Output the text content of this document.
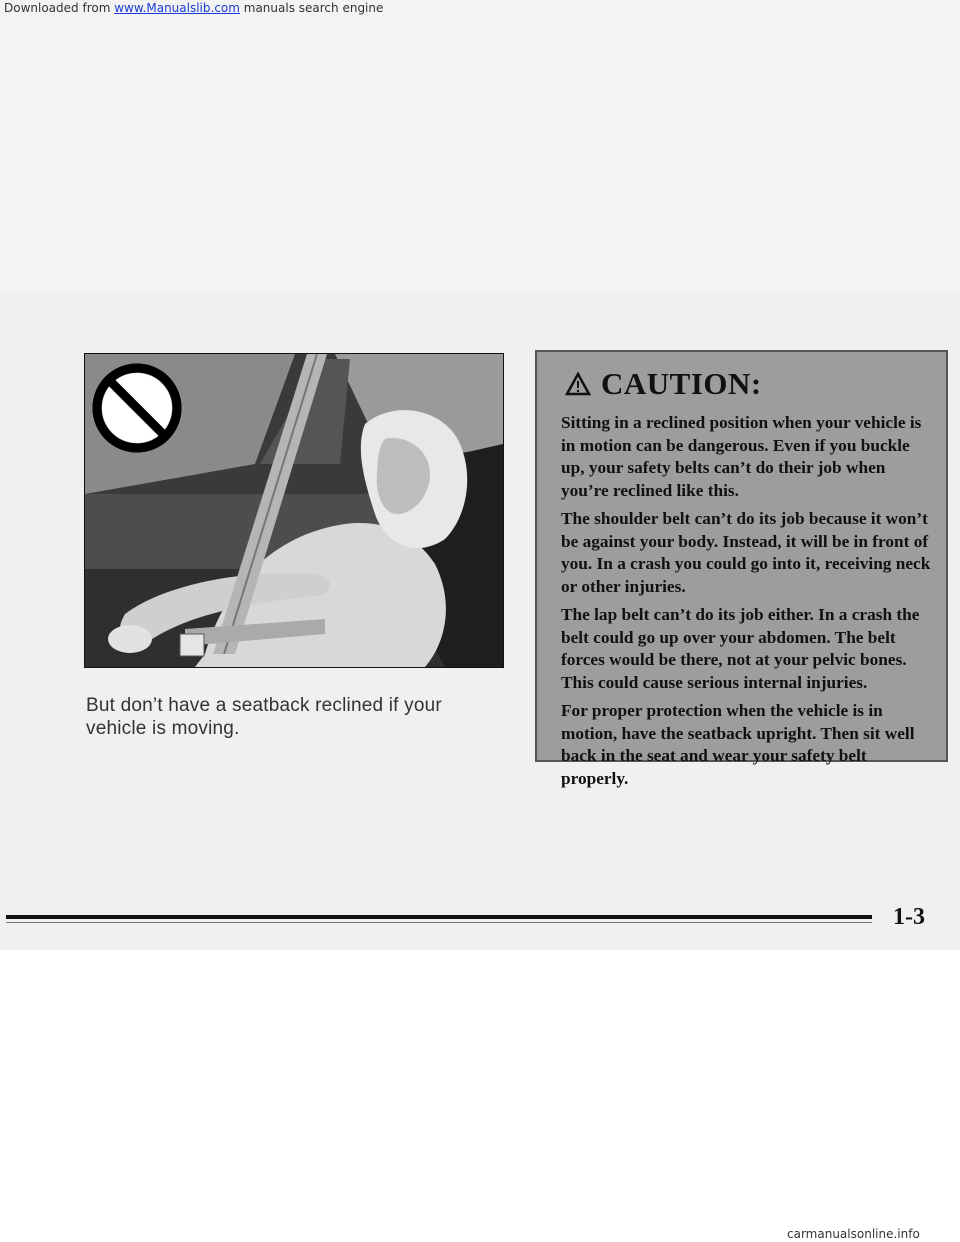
Downloaded from www.Manualslib.com manuals search engine
But don’t have a seatback reclined if your vehicle is moving.
CAUTION:

Sitting in a reclined position when your vehicle is in motion can be dangerous. Even if you buckle up, your safety belts can’t do their job when you’re reclined like this.

The shoulder belt can’t do its job because it won’t be against your body. Instead, it will be in front of you. In a crash you could go into it, receiving neck or other injuries.

The lap belt can’t do its job either. In a crash the belt could go up over your abdomen. The belt forces would be there, not at your pelvic bones. This could cause serious internal injuries.

For proper protection when the vehicle is in motion, have the seatback upright. Then sit well back in the seat and wear your safety belt properly.

1-3
carmanualsonline.info
